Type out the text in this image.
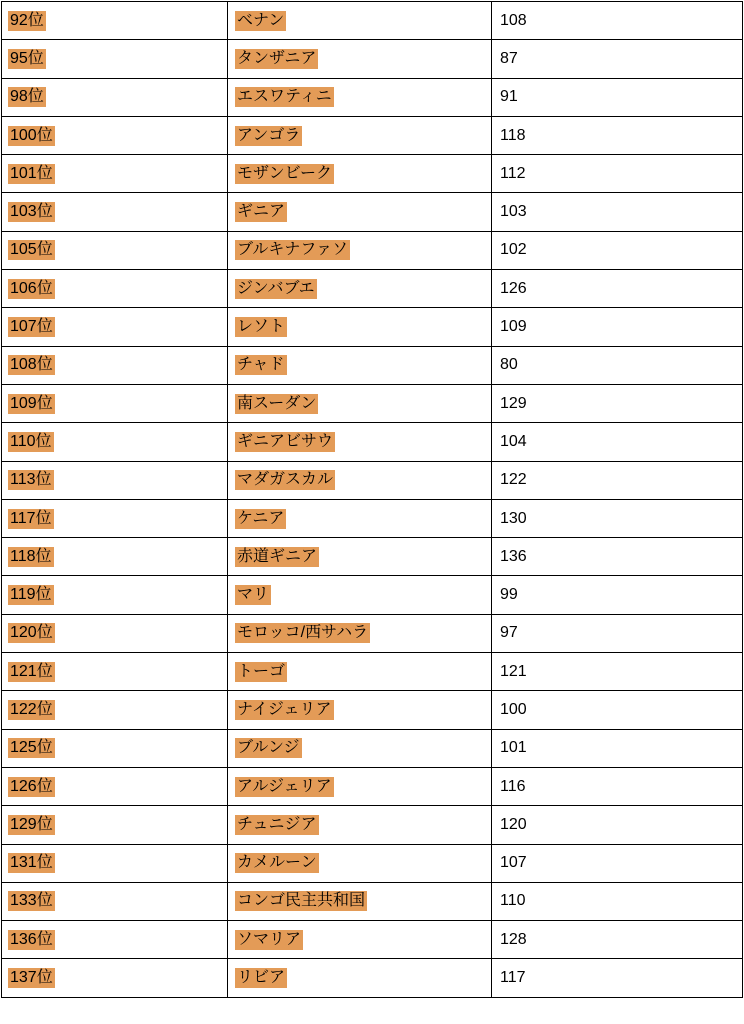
92位	ベナン	108
95位	タンザニア	87
98位	エスワティニ	91
100位	アンゴラ	118
101位	モザンビーク	112
103位	ギニア	103
105位	ブルキナファソ	102
106位	ジンバブエ	126
107位	レソト	109
108位	チャド	80
109位	南スーダン	129
110位	ギニアビサウ	104
113位	マダガスカル	122
117位	ケニア	130
118位	赤道ギニア	136
119位	マリ	99
120位	モロッコ/西サハラ	97
121位	トーゴ	121
122位	ナイジェリア	100
125位	ブルンジ	101
126位	アルジェリア	116
129位	チュニジア	120
131位	カメルーン	107
133位	コンゴ民主共和国	110
136位	ソマリア	128
137位	リビア	117
